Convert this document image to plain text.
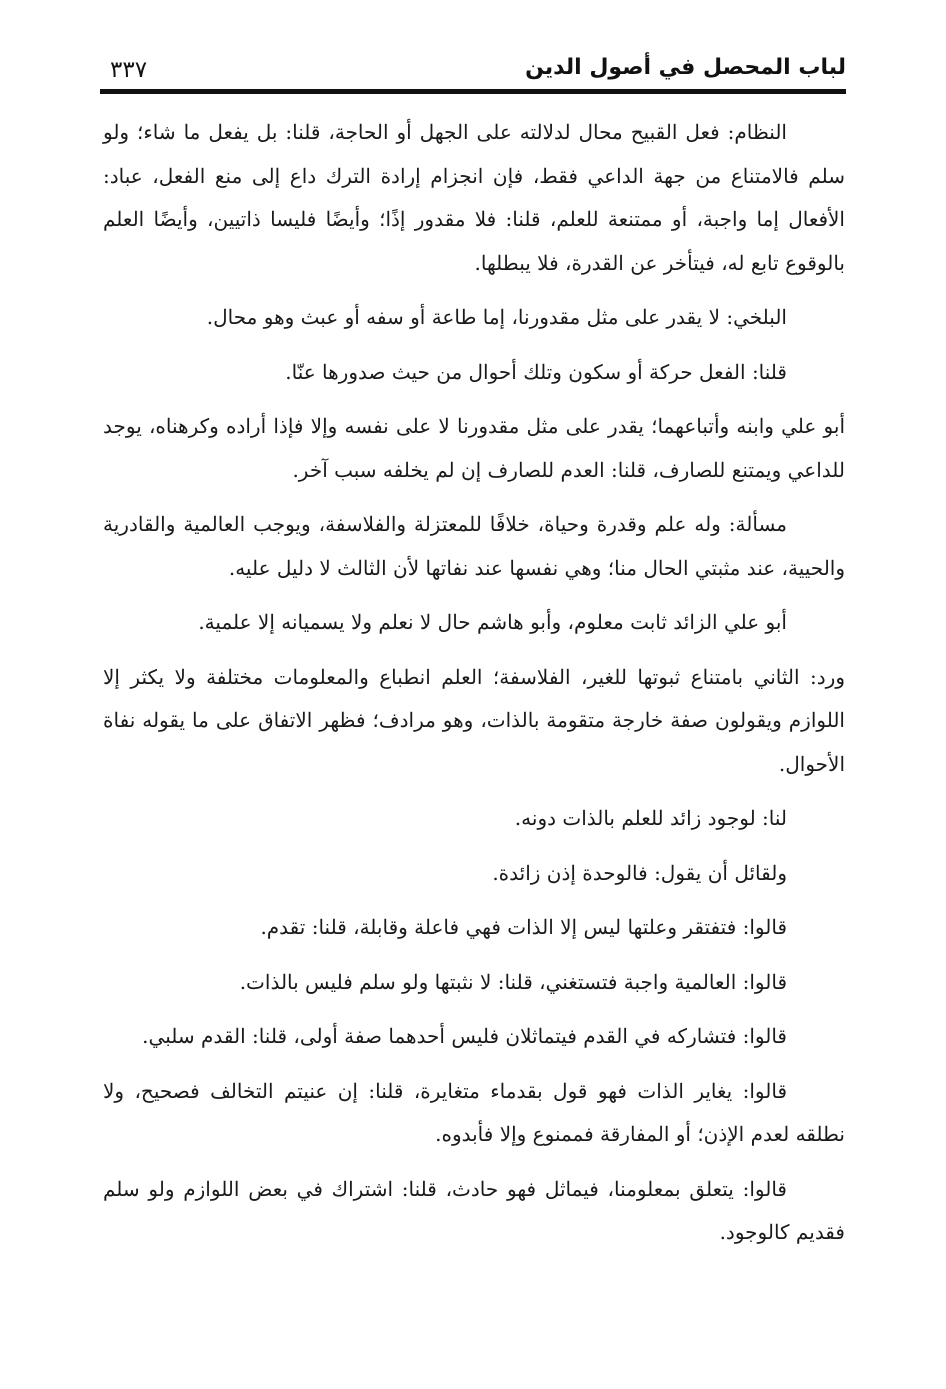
لباب المحصل في أصول الدين
٣٣٧

النظام: فعل القبيح محال لدلالته على الجهل أو الحاجة، قلنا: بل يفعل ما شاء؛ ولو سلم فالامتناع من جهة الداعي فقط، فإن انجزام إرادة الترك داع إلى منع الفعل، عباد: الأفعال إما واجبة، أو ممتنعة للعلم، قلنا: فلا مقدور إذًا؛ وأيضًا فليسا ذاتيين، وأيضًا العلم بالوقوع تابع له، فيتأخر عن القدرة، فلا يبطلها.

البلخي: لا يقدر على مثل مقدورنا، إما طاعة أو سفه أو عبث وهو محال.

قلنا: الفعل حركة أو سكون وتلك أحوال من حيث صدورها عنّا.

أبو علي وابنه وأتباعهما؛ يقدر على مثل مقدورنا لا على نفسه وإلا فإذا أراده وكرهناه، يوجد للداعي ويمتنع للصارف، قلنا: العدم للصارف إن لم يخلفه سبب آخر.

مسألة: وله علم وقدرة وحياة، خلافًا للمعتزلة والفلاسفة، ويوجب العالمية والقادرية والحيية، عند مثبتي الحال منا؛ وهي نفسها عند نفاتها لأن الثالث لا دليل عليه.

أبو علي الزائد ثابت معلوم، وأبو هاشم حال لا نعلم ولا يسميانه إلا علمية.

ورد: الثاني بامتناع ثبوتها للغير، الفلاسفة؛ العلم انطباع والمعلومات مختلفة ولا يكثر إلا اللوازم ويقولون صفة خارجة متقومة بالذات، وهو مرادف؛ فظهر الاتفاق على ما يقوله نفاة الأحوال.

لنا: لوجود زائد للعلم بالذات دونه.

ولقائل أن يقول: فالوحدة إذن زائدة.

قالوا: فتفتقر وعلتها ليس إلا الذات فهي فاعلة وقابلة، قلنا: تقدم.

قالوا: العالمية واجبة فتستغني، قلنا: لا نثبتها ولو سلم فليس بالذات.

قالوا: فتشاركه في القدم فيتماثلان فليس أحدهما صفة أولى، قلنا: القدم سلبي.

قالوا: يغاير الذات فهو قول بقدماء متغايرة، قلنا: إن عنيتم التخالف فصحيح، ولا نطلقه لعدم الإذن؛ أو المفارقة فممنوع وإلا فأبدوه.

قالوا: يتعلق بمعلومنا، فيماثل فهو حادث، قلنا: اشتراك في بعض اللوازم ولو سلم فقديم كالوجود.
